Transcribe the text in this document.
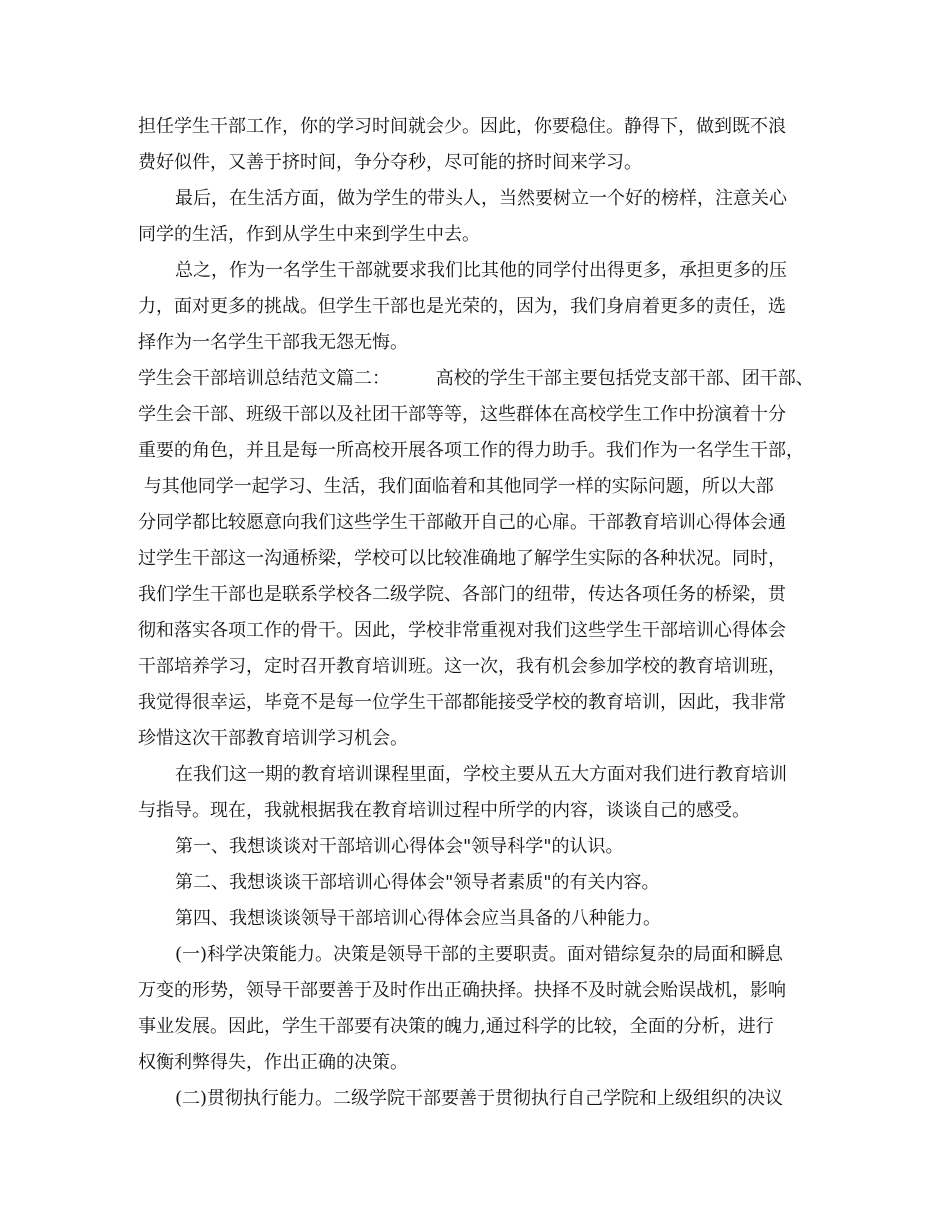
担任学生干部工作，你的学习时间就会少。因此，你要稳住。静得下，做到既不浪
费好似件，又善于挤时间，争分夺秒，尽可能的挤时间来学习。
最后，在生活方面，做为学生的带头人，当然要树立一个好的榜样，注意关心
同学的生活，作到从学生中来到学生中去。
总之，作为一名学生干部就要求我们比其他的同学付出得更多，承担更多的压
力，面对更多的挑战。但学生干部也是光荣的，因为，我们身肩着更多的责任，选
择作为一名学生干部我无怨无悔。
学生会干部培训总结范文篇二：        高校的学生干部主要包括党支部干部、团干部、
学生会干部、班级干部以及社团干部等等，这些群体在高校学生工作中扮演着十分
重要的角色，并且是每一所高校开展各项工作的得力助手。我们作为一名学生干部，
与其他同学一起学习、生活，我们面临着和其他同学一样的实际问题，所以大部
分同学都比较愿意向我们这些学生干部敞开自己的心扉。干部教育培训心得体会通
过学生干部这一沟通桥梁，学校可以比较准确地了解学生实际的各种状况。同时，
我们学生干部也是联系学校各二级学院、各部门的纽带，传达各项任务的桥梁，贯
彻和落实各项工作的骨干。因此，学校非常重视对我们这些学生干部培训心得体会
干部培养学习，定时召开教育培训班。这一次，我有机会参加学校的教育培训班，
我觉得很幸运，毕竟不是每一位学生干部都能接受学校的教育培训，因此，我非常
珍惜这次干部教育培训学习机会。
在我们这一期的教育培训课程里面，学校主要从五大方面对我们进行教育培训
与指导。现在，我就根据我在教育培训过程中所学的内容，谈谈自己的感受。
第一、我想谈谈对干部培训心得体会"领导科学"的认识。
第二、我想谈谈干部培训心得体会"领导者素质"的有关内容。
第四、我想谈谈领导干部培训心得体会应当具备的八种能力。
(一)科学决策能力。决策是领导干部的主要职责。面对错综复杂的局面和瞬息
万变的形势，领导干部要善于及时作出正确抉择。抉择不及时就会贻误战机，影响
事业发展。因此，学生干部要有决策的魄力,通过科学的比较，全面的分析，进行
权衡利弊得失，作出正确的决策。
(二)贯彻执行能力。二级学院干部要善于贯彻执行自己学院和上级组织的决议
